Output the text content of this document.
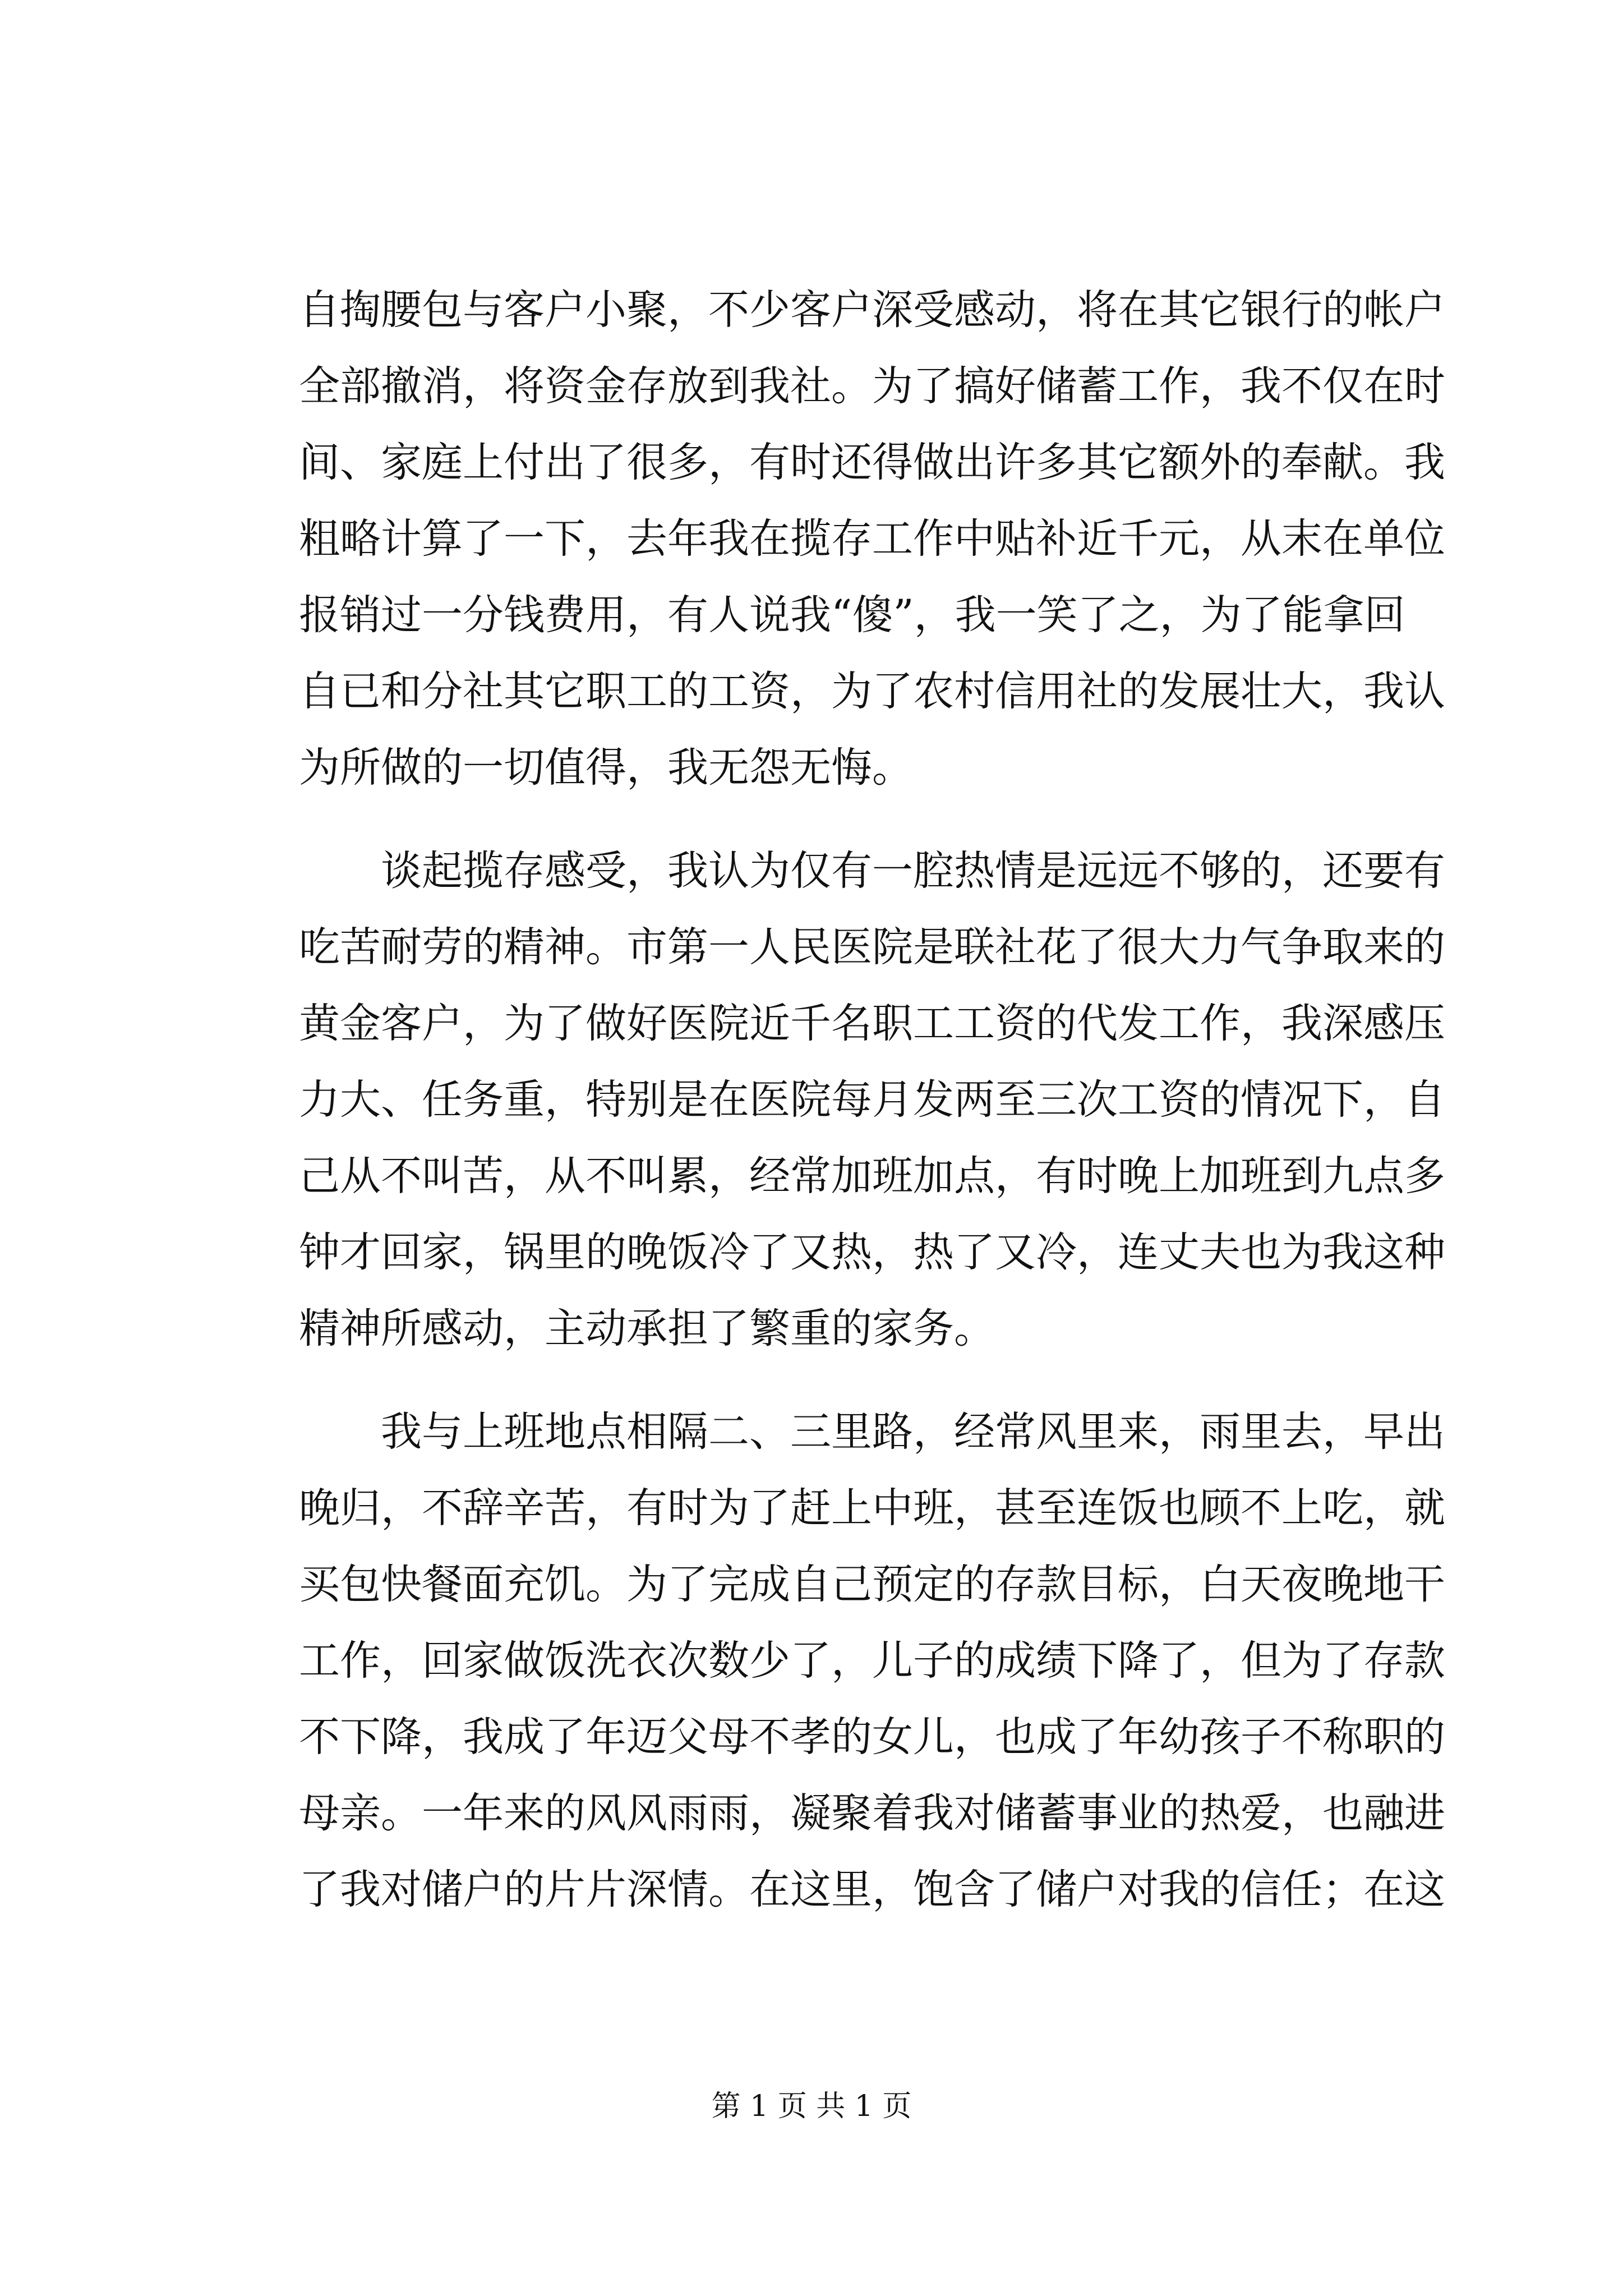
自掏腰包与客户小聚，不少客户深受感动，将在其它银行的帐户
全部撤消，将资金存放到我社。为了搞好储蓄工作，我不仅在时
间、家庭上付出了很多，有时还得做出许多其它额外的奉献。我
粗略计算了一下，去年我在揽存工作中贴补近千元，从末在单位
报销过一分钱费用，有人说我“傻”，我一笑了之，为了能拿回
自已和分社其它职工的工资，为了农村信用社的发展壮大，我认
为所做的一切值得，我无怨无悔。
谈起揽存感受，我认为仅有一腔热情是远远不够的，还要有
吃苦耐劳的精神。市第一人民医院是联社花了很大力气争取来的
黄金客户，为了做好医院近千名职工工资的代发工作，我深感压
力大、任务重，特别是在医院每月发两至三次工资的情况下，自
己从不叫苦，从不叫累，经常加班加点，有时晚上加班到九点多
钟才回家，锅里的晚饭冷了又热，热了又冷，连丈夫也为我这种
精神所感动，主动承担了繁重的家务。
我与上班地点相隔二、三里路，经常风里来，雨里去，早出
晚归，不辞辛苦，有时为了赶上中班，甚至连饭也顾不上吃，就
买包快餐面充饥。为了完成自己预定的存款目标，白天夜晚地干
工作，回家做饭洗衣次数少了，儿子的成绩下降了，但为了存款
不下降，我成了年迈父母不孝的女儿，也成了年幼孩子不称职的
母亲。一年来的风风雨雨，凝聚着我对储蓄事业的热爱，也融进
了我对储户的片片深情。在这里，饱含了储户对我的信任；在这
第 1 页 共 1 页
